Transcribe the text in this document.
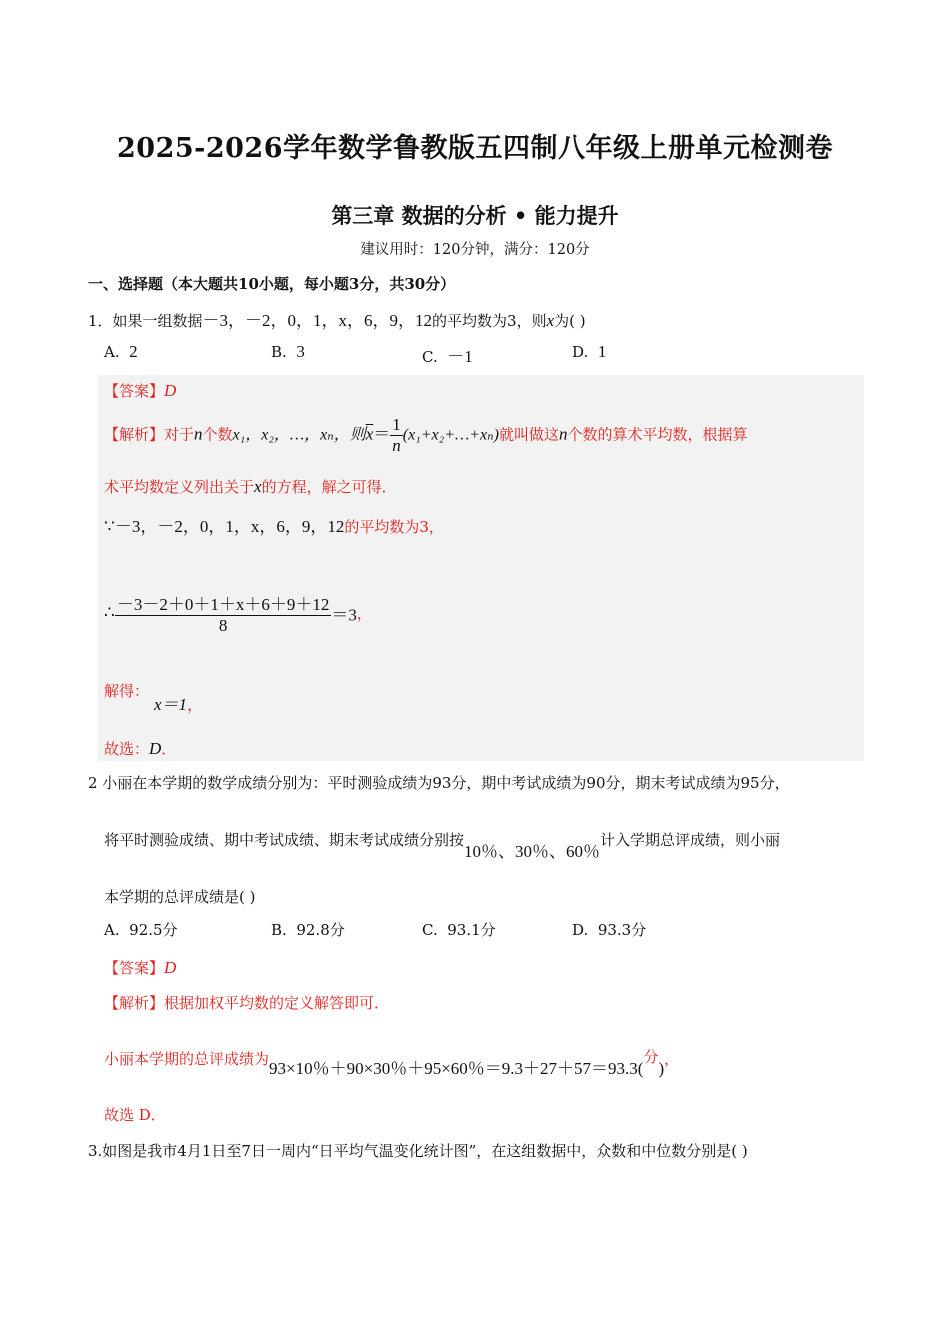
2025-2026学年数学鲁教版五四制八年级上册单元检测卷
第三章 数据的分析 • 能力提升
建议用时：120分钟，满分：120分
一、选择题（本大题共10小题，每小题3分，共30分）
1．如果一组数据－3，－2，0，1，x，6，9，12的平均数为3，则x为( )
A. 2	B. 3	C. －1	D. 1
【答案】D
【解析】对于n个数x₁，x₂，…，xₙ，则$\overline{x}= \frac{1}{n}$ (x₁+x₂+…+xₙ)就叫做这n个数的算术平均数，根据算
术平均数定义列出关于x的方程，解之可得．
∵－3，－2，0，1，x，6，9，12的平均数为3，
∴ $\frac{-3-2+0+1+x+6+9+12}{8} =3$，
解得：
x＝1，
故选：D．
2 小丽在本学期的数学成绩分别为：平时测验成绩为93分，期中考试成绩为90分，期末考试成绩为95分，
将平时测验成绩、期中考试成绩、期末考试成绩分别按10％、30％、60％计入学期总评成绩，则小丽
本学期的总评成绩是( )
A. 92.5分	B. 92.8分	C. 93.1分	D. 93.3分
【答案】D
【解析】根据加权平均数的定义解答即可．
小丽本学期的总评成绩为93×10％＋90×30％＋95×60％＝9.3＋27＋57＝93.3(分)，
故选 D．
3.如图是我市4月1日至7日一周内“日平均气温变化统计图”，在这组数据中，众数和中位数分别是( )
